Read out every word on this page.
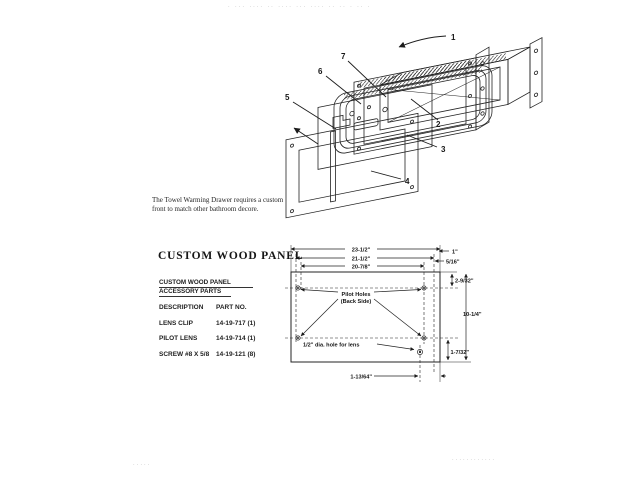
· ··· ···· ·· ···· ··· ···· ·· ·· · ·· ·
·····
············
1
2
3
4
5
6
7
23-1/2"
21-1/2"
20-7/8"
1"
5/16"
2-9/32"
10-1/4"
1-7/32"
1-13/64"
Pilot Holes
(Back Side)
1/2" dia. hole for lens
The Towel Warming Drawer requires a custom
front to match other bathroom decore.
CUSTOM WOOD PANEL
CUSTOM WOOD PANEL
ACCESSORY PARTS
DESCRIPTION	PART NO.
LENS CLIP	14-19-717 (1)
PILOT LENS	14-19-714 (1)
SCREW #8 X 5/8	14-19-121 (8)
